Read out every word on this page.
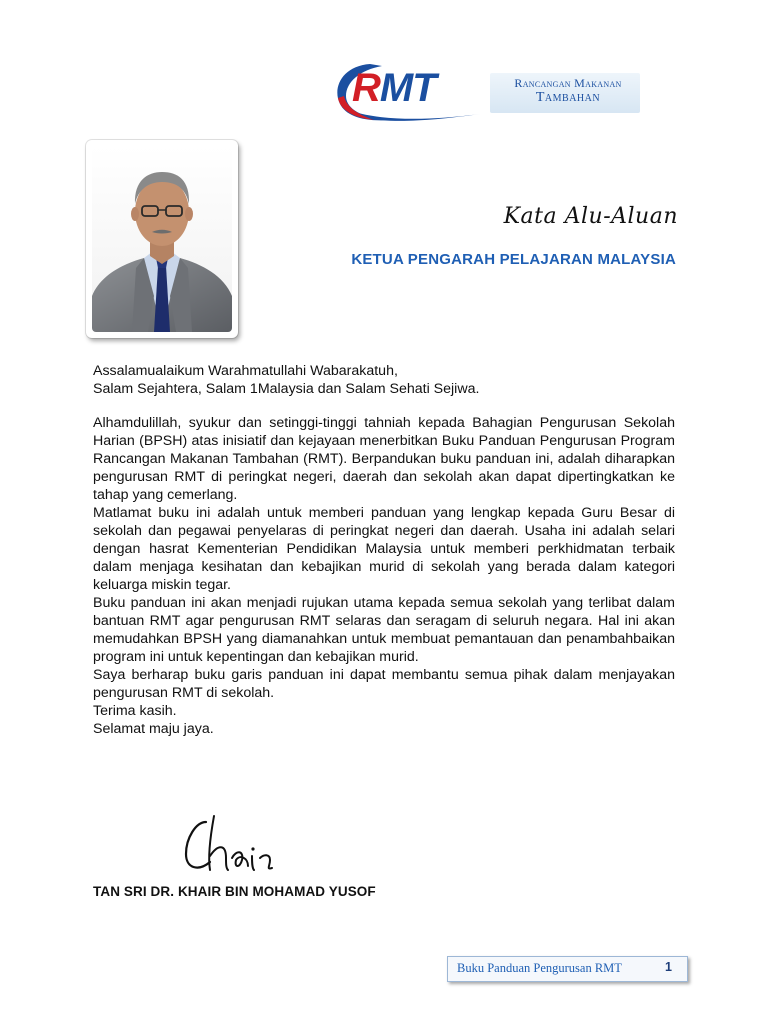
RMT	Rancangan Makanan
Tambahan
Kata Alu-Aluan
KETUA PENGARAH PELAJARAN MALAYSIA

Assalamualaikum Warahmatullahi Wabarakatuh,

Salam Sejahtera, Salam 1Malaysia dan Salam Sehati Sejiwa.

Alhamdulillah, syukur dan setinggi-tinggi tahniah kepada Bahagian Pengurusan Sekolah Harian (BPSH) atas inisiatif dan kejayaan menerbitkan Buku Panduan Pengurusan Program Rancangan Makanan Tambahan (RMT). Berpandukan buku panduan ini, adalah diharapkan pengurusan RMT di peringkat negeri, daerah dan sekolah akan dapat dipertingkatkan ke tahap yang cemerlang.

Matlamat buku ini adalah untuk memberi panduan yang lengkap kepada Guru Besar di sekolah dan pegawai penyelaras di peringkat negeri dan daerah. Usaha ini adalah selari dengan hasrat Kementerian Pendidikan Malaysia untuk memberi perkhidmatan terbaik dalam menjaga kesihatan dan kebajikan murid di sekolah yang berada dalam kategori keluarga miskin tegar.

Buku panduan ini akan menjadi rujukan utama kepada semua sekolah yang terlibat dalam bantuan RMT agar pengurusan RMT selaras dan seragam di seluruh negara. Hal ini akan memudahkan BPSH yang diamanahkan untuk membuat pemantauan dan penambahbaikan program ini untuk kepentingan dan kebajikan murid.

Saya berharap buku garis panduan ini dapat membantu semua pihak dalam menjayakan pengurusan RMT di sekolah.

Terima kasih.

Selamat maju jaya.

TAN SRI DR. KHAIR BIN MOHAMAD YUSOF
Buku Panduan Pengurusan RMT	1
